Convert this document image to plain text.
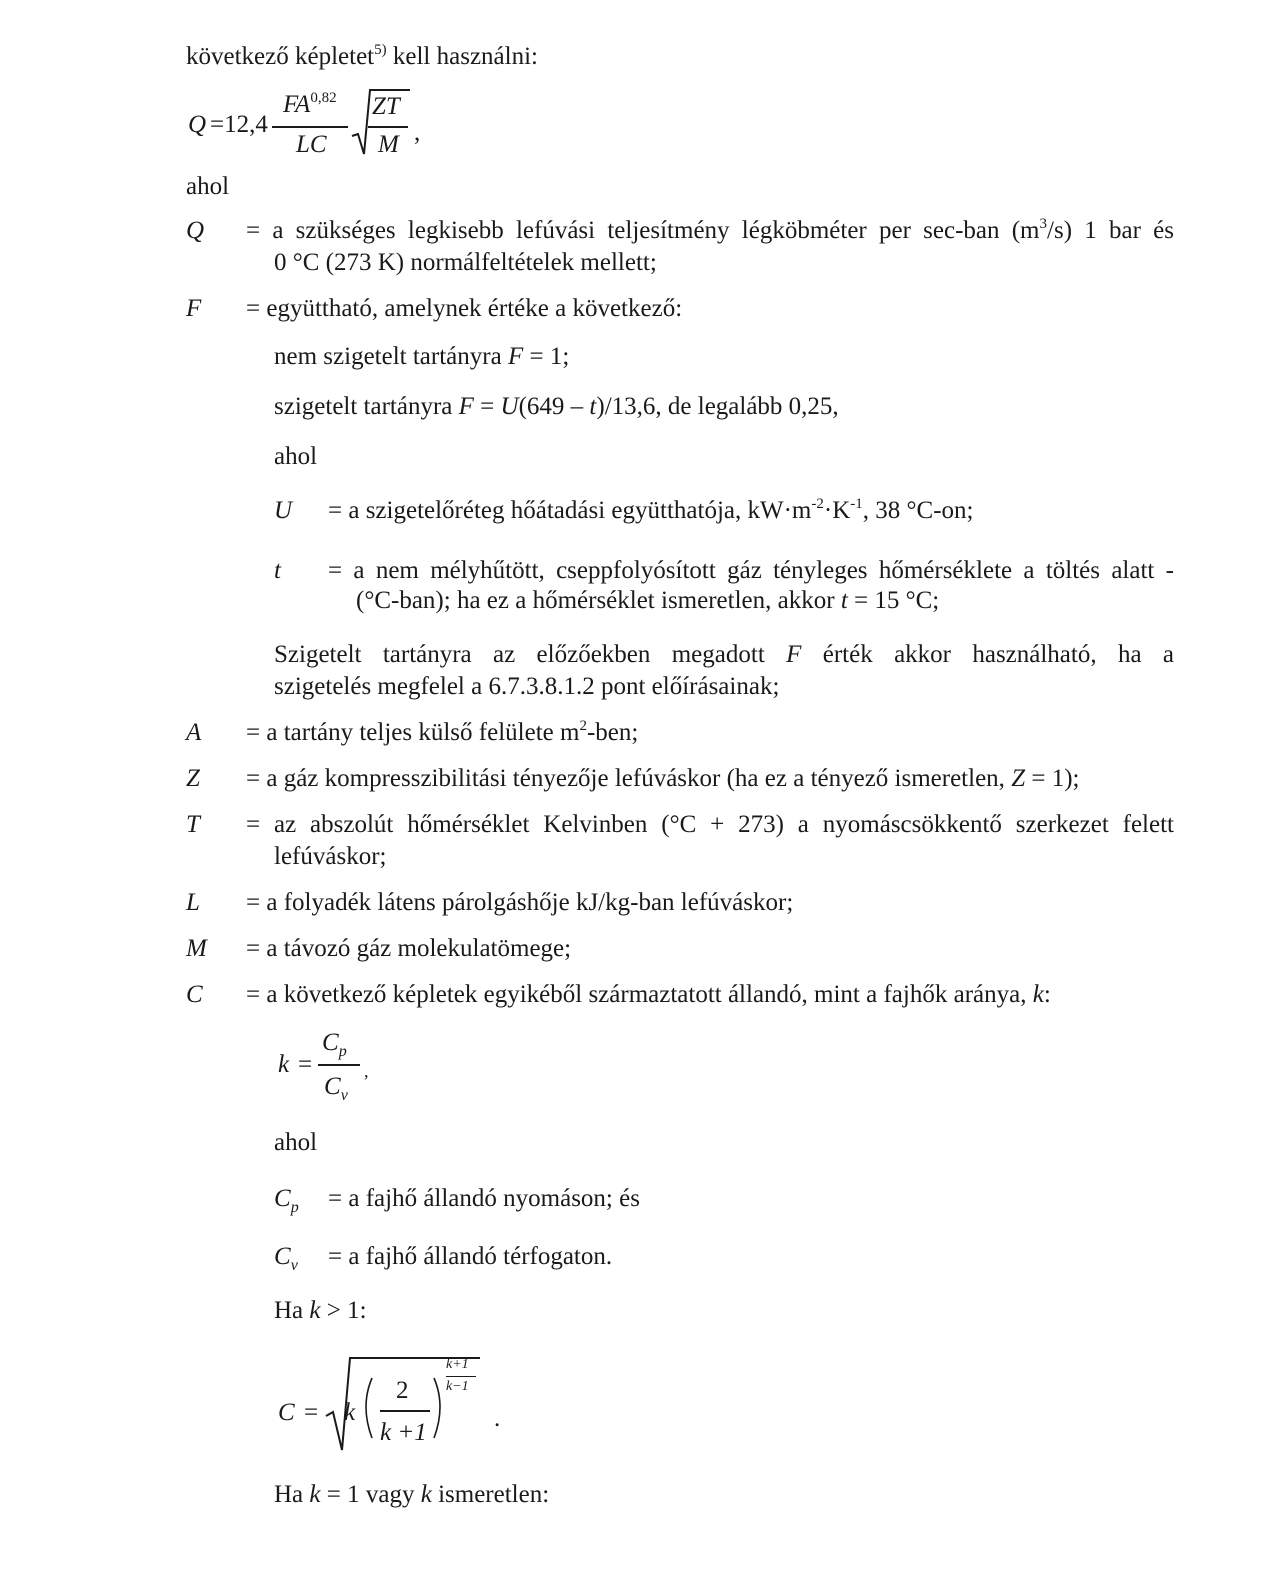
következő képletet$^{5)}$ kell használni:
Q =12,4
FA$^{0,82}$
LC
ZT
M ,
ahol
Q = a szükséges legkisebb lefúvási teljesítmény légköbméter per sec-ban $(m^3/s)$ 1 bar és
0 °C (273 K) normálfeltételek mellett;
F = együttható, amelynek értéke a következő:
nem szigetelt tartányra F = 1;
szigetelt tartányra F = U(649 – t)/13,6, de legalább 0,25,
ahol
U = a szigetelőréteg hőátadási együtthatója, $kW\cdot m^{-2}\cdot K^{-1}$, 38 °C-on;
t = a nem mélyhűtött, cseppfolyósított gáz tényleges hőmérséklete a töltés alatt -
(°C-ban); ha ez a hőmérséklet ismeretlen, akkor t = 15 °C;
Szigetelt tartányra az előzőekben megadott F érték akkor használható, ha a
szigetelés megfelel a 6.7.3.8.1.2 pont előírásainak;
A = a tartány teljes külső felülete $m^2$-ben;
Z = a gáz kompresszibilitási tényezője lefúváskor (ha ez a tényező ismeretlen, Z = 1);
T = az abszolút hőmérséklet Kelvinben (°C + 273) a nyomáscsökkentő szerkezet felett
lefúváskor;
L = a folyadék látens párolgáshője kJ/kg-ban lefúváskor;
M = a távozó gáz molekulatömege;
C = a következő képletek egyikéből származtatott állandó, mint a fajhők aránya, k:
k =
$C_p$
$C_v$
,
ahol
$C_p = a$ fajhő állandó nyomáson; és
$C_v = a$ fajhő állandó térfogaton.
Ha k > 1:
C = k
2
k +1
k+1
k−1
.
Ha k = 1 vagy k ismeretlen:
